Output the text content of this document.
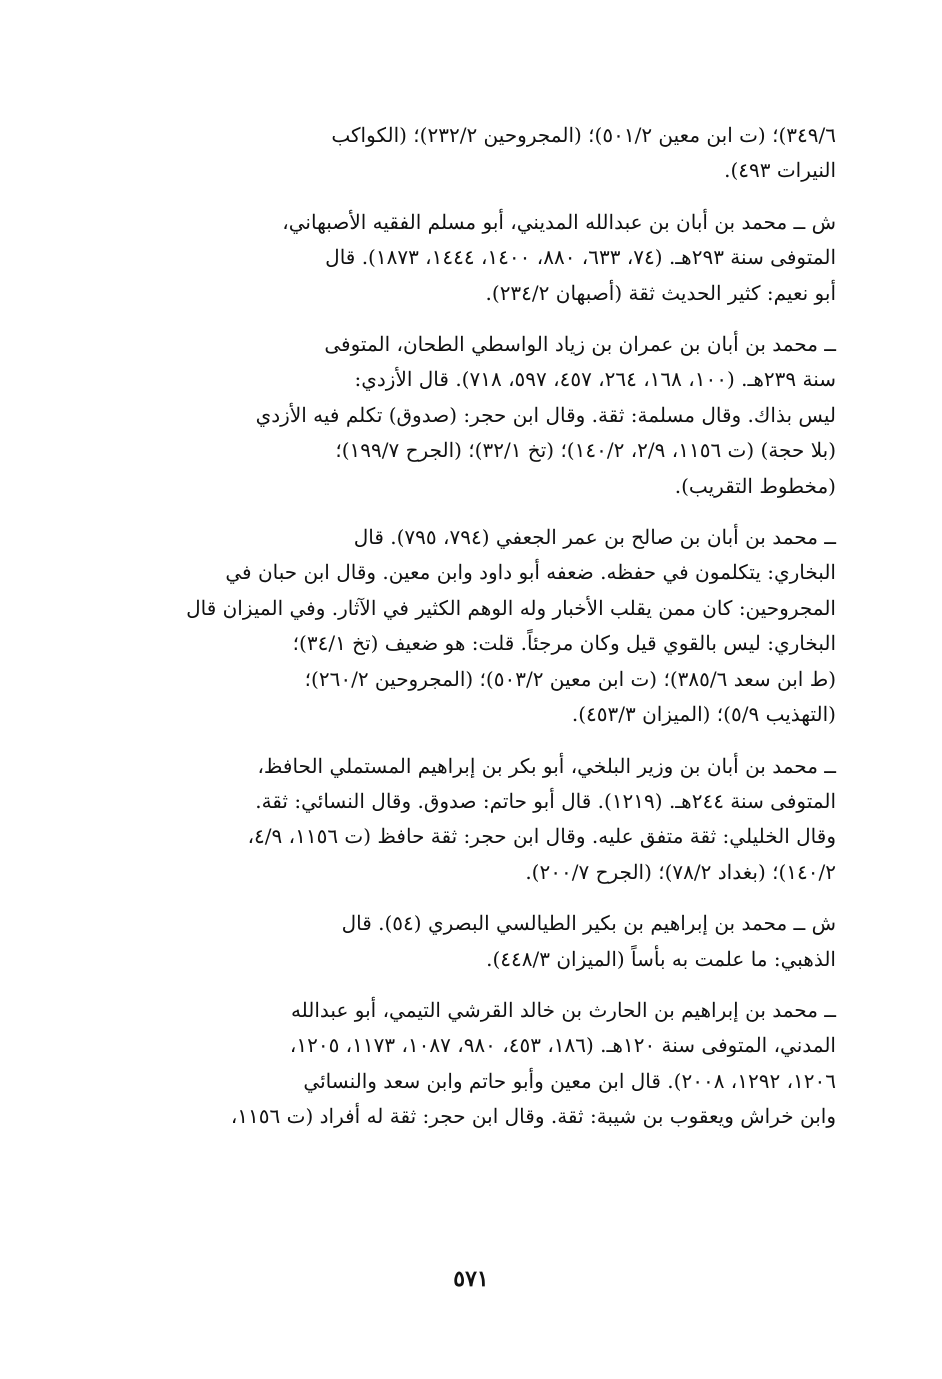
٦/‏٣٤٩)؛ (ت ابن معين ٢/‏٥٠١)؛ (المجروحين ٢/‏٢٣٢)؛ (الكواكب
النيرات ٤٩٣).

ش ــ محمد بن أبان بن عبدالله المديني، أبو مسلم الفقيه الأصبهاني،
المتوفى سنة ٢٩٣هـ. (٧٤، ٦٣٣، ٨٨٠، ١٤٠٠، ١٤٤٤، ١٨٧٣). قال
أبو نعيم: كثير الحديث ثقة (أصبهان ٢/‏٢٣٤).

ــ محمد بن أبان بن عمران بن زياد الواسطي الطحان، المتوفى
سنة ٢٣٩هـ. (١٠٠، ١٦٨، ٢٦٤، ٤٥٧، ٥٩٧، ٧١٨). قال الأزدي:
ليس بذاك. وقال مسلمة: ثقة. وقال ابن حجر: (صدوق) تكلم فيه الأزدي
(بلا حجة) (ت ١١٥٦، ٩/‏٢، ٢/‏١٤٠)؛ (تخ ١/‏٣٢)؛ (الجرح ٧/‏١٩٩)؛
(مخطوط التقريب).

ــ محمد بن أبان بن صالح بن عمر الجعفي (٧٩٤، ٧٩٥). قال
البخاري: يتكلمون في حفظه. ضعفه أبو داود وابن معين. وقال ابن حبان في
المجروحين: كان ممن يقلب الأخبار وله الوهم الكثير في الآثار. وفي الميزان قال
البخاري: ليس بالقوي قيل وكان مرجئاً. قلت: هو ضعيف (تخ ١/‏٣٤)؛
(ط ابن سعد ٦/‏٣٨٥)؛ (ت ابن معين ٢/‏٥٠٣)؛ (المجروحين ٢/‏٢٦٠)؛
(التهذيب ٩/‏٥)؛ (الميزان ٣/‏٤٥٣).

ــ محمد بن أبان بن وزير البلخي، أبو بكر بن إبراهيم المستملي الحافظ،
المتوفى سنة ٢٤٤هـ. (١٢١٩). قال أبو حاتم: صدوق. وقال النسائي: ثقة.
وقال الخليلي: ثقة متفق عليه. وقال ابن حجر: ثقة حافظ (ت ١١٥٦، ٩/‏٤،
٢/‏١٤٠)؛ (بغداد ٢/‏٧٨)؛ (الجرح ٧/‏٢٠٠).

ش ــ محمد بن إبراهيم بن بكير الطيالسي البصري (٥٤). قال
الذهبي: ما علمت به بأساً (الميزان ٣/‏٤٤٨).

ــ محمد بن إبراهيم بن الحارث بن خالد القرشي التيمي، أبو عبدالله
المدني، المتوفى سنة ١٢٠هـ. (١٨٦، ٤٥٣، ٩٨٠، ١٠٨٧، ١١٧٣، ١٢٠٥،
١٢٠٦، ١٢٩٢، ٢٠٠٨). قال ابن معين وأبو حاتم وابن سعد والنسائي
وابن خراش ويعقوب بن شيبة: ثقة. وقال ابن حجر: ثقة له أفراد (ت ١١٥٦،

٥٧١
